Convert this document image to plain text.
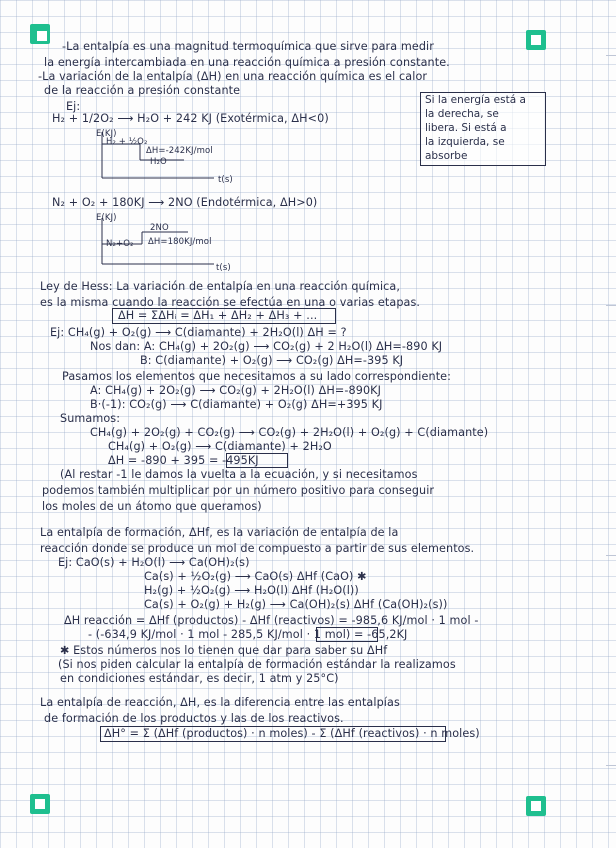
-La entalpía es una magnitud termoquímica que sirve para medir
la energía intercambiada en una reacción química a presión constante.
-La variación de la entalpía (ΔH) en una reacción química es el calor
de la reacción a presión constante
Ej:
H₂ + 1/2O₂ ⟶ H₂O + 242 KJ (Exotérmica, ΔH<0)
Si la energía está a
la derecha, se
libera. Si está a
la izquierda, se
absorbe
E(KJ)
H₂ + ½O₂
ΔH=-242KJ/mol
H₂O
t(s)
N₂ + O₂ + 180KJ ⟶ 2NO (Endotérmica, ΔH>0)
E(KJ)
2NO
ΔH=180KJ/mol
N₂+O₂
t(s)
Ley de Hess: La variación de entalpía en una reacción química,
es la misma cuando la reacción se efectúa en una o varias etapas.
ΔH = ΣΔHᵢ = ΔH₁ + ΔH₂ + ΔH₃ + ...
Ej: CH₄(g) + O₂(g) ⟶ C(diamante) + 2H₂O(l) ΔH = ?
Nos dan: A: CH₄(g) + 2O₂(g) ⟶ CO₂(g) + 2 H₂O(l) ΔH=-890 KJ
B: C(diamante) + O₂(g) ⟶ CO₂(g) ΔH=-395 KJ
Pasamos los elementos que necesitamos a su lado correspondiente:
A: CH₄(g) + 2O₂(g) ⟶ CO₂(g) + 2H₂O(l) ΔH=-890KJ
B·(-1): CO₂(g) ⟶ C(diamante) + O₂(g) ΔH=+395 KJ
Sumamos:
CH₄(g) + 2O₂(g) + CO₂(g) ⟶ CO₂(g) + 2H₂O(l) + O₂(g) + C(diamante)
CH₄(g) + O₂(g) ⟶ C(diamante) + 2H₂O
ΔH = -890 + 395 = -495KJ
(Al restar -1 le damos la vuelta a la ecuación, y si necesitamos
podemos también multiplicar por un número positivo para conseguir
los moles de un átomo que queramos)
La entalpía de formación, ΔHf, es la variación de entalpía de la
reacción donde se produce un mol de compuesto a partir de sus elementos.
Ej: CaO(s) + H₂O(l) ⟶ Ca(OH)₂(s)
Ca(s) + ½O₂(g) ⟶ CaO(s) ΔHf (CaO) ✱
H₂(g) + ½O₂(g) ⟶ H₂O(l) ΔHf (H₂O(l))
Ca(s) + O₂(g) + H₂(g) ⟶ Ca(OH)₂(s) ΔHf (Ca(OH)₂(s))
ΔH reacción = ΔHf (productos) - ΔHf (reactivos) = -985,6 KJ/mol · 1 mol -
- (-634,9 KJ/mol · 1 mol - 285,5 KJ/mol · 1 mol) = -65,2KJ
✱ Estos números nos lo tienen que dar para saber su ΔHf
(Si nos piden calcular la entalpía de formación estándar la realizamos
en condiciones estándar, es decir, 1 atm y 25°C)
La entalpía de reacción, ΔH, es la diferencia entre las entalpías
de formación de los productos y las de los reactivos.
ΔH° = Σ (ΔHf (productos) · n moles) - Σ (ΔHf (reactivos) · n moles)
